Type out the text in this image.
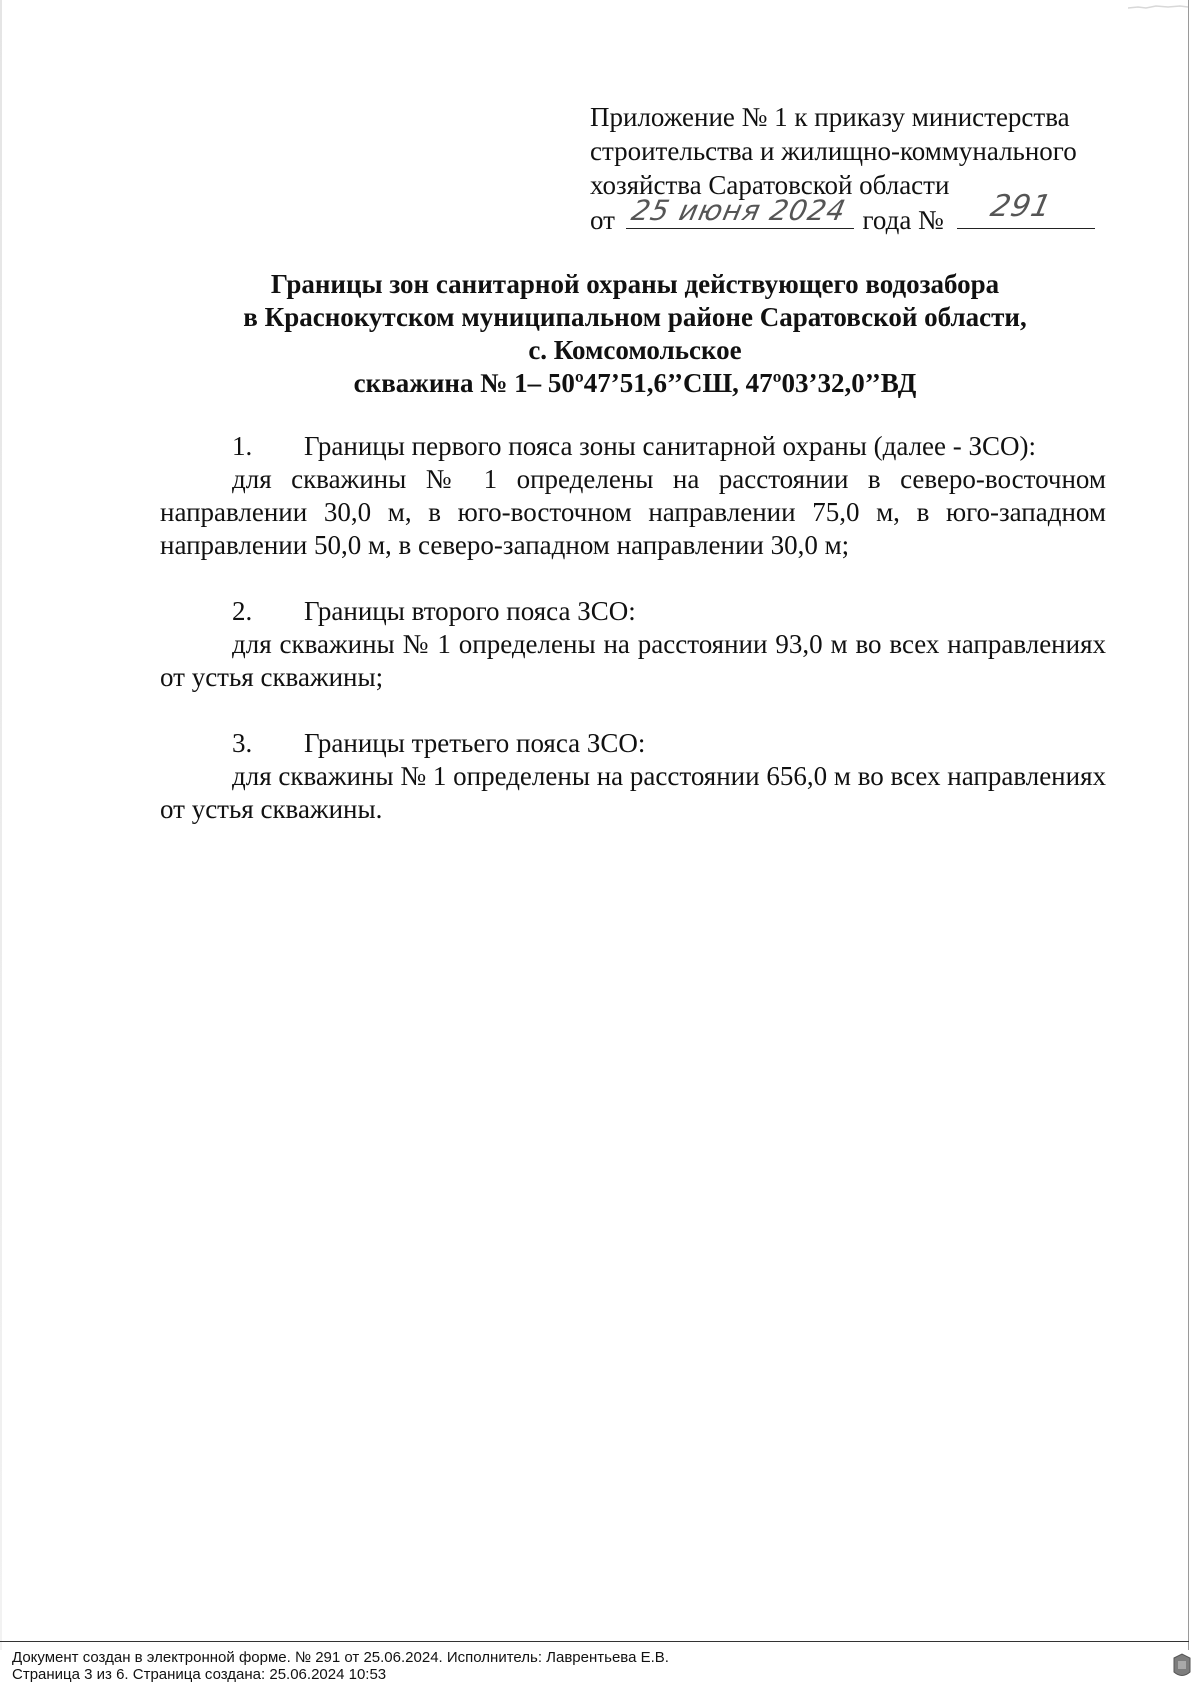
Приложение № 1 к приказу министерства
строительства и жилищно-коммунального
хозяйства Саратовской области
от 25 июня 2024 года № 291
Границы зон санитарной охраны действующего водозабора
в Краснокутском муниципальном районе Саратовской области,
с. Комсомольское
скважина № 1– 50º47’51,6’’СШ, 47º03’32,0’’ВД
1.	Границы первого пояса зоны санитарной охраны (далее - ЗСО):
для скважины № 1 определены на расстоянии в северо-восточном направлении 30,0 м, в юго-восточном направлении 75,0 м, в юго-западном направлении 50,0 м, в северо-западном направлении 30,0 м;
2.	Границы второго пояса ЗСО:
для скважины № 1 определены на расстоянии 93,0 м во всех направлениях от устья скважины;
3.	Границы третьего пояса ЗСО:
для скважины № 1 определены на расстоянии 656,0 м во всех направлениях от устья скважины.
Документ создан в электронной форме. № 291 от 25.06.2024. Исполнитель: Лаврентьева Е.В.
Страница 3 из 6. Страница создана: 25.06.2024 10:53
